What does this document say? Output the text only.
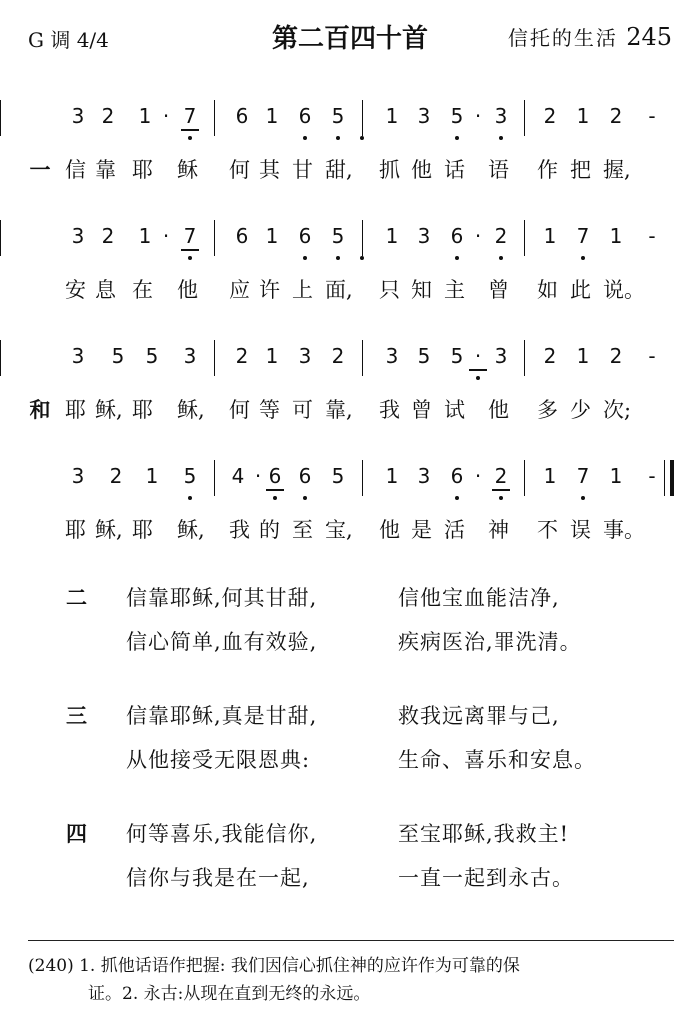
G 调 4/4	第二百四十首	信托的生活 245
3 2 1 · 7 6 1 6 5 1 3 5 · 3 2 1 2 -
一 信 靠 耶 稣 何 其 甘 甜, 抓 他 话 语 作 把 握,
3 2 1 · 7 6 1 6 5 1 3 6 · 2 1 7 1 -
安 息 在 他 应 许 上 面, 只 知 主 曾 如 此 说。
3 5 5 3 2 1 3 2 3 5 5 · 3 2 1 2 -
和 耶 稣, 耶 稣, 何 等 可 靠, 我 曾 试 他 多 少 次;
3 2 1 5 4 · 6 6 5 1 3 6 · 2 1 7 1 -
耶 稣, 耶 稣, 我 的 至 宝, 他 是 活 神 不 误 事。
二 信靠耶稣,何其甘甜,	信他宝血能洁净,
信心简单,血有效验,	疾病医治,罪洗清。
三 信靠耶稣,真是甘甜,	救我远离罪与己,
从他接受无限恩典:	生命、喜乐和安息。
四 何等喜乐,我能信你,	至宝耶稣,我救主!
信你与我是在一起,	一直一起到永古。
(240) 1. 抓他话语作把握: 我们因信心抓住神的应许作为可靠的保
证。2. 永古:从现在直到无终的永远。
